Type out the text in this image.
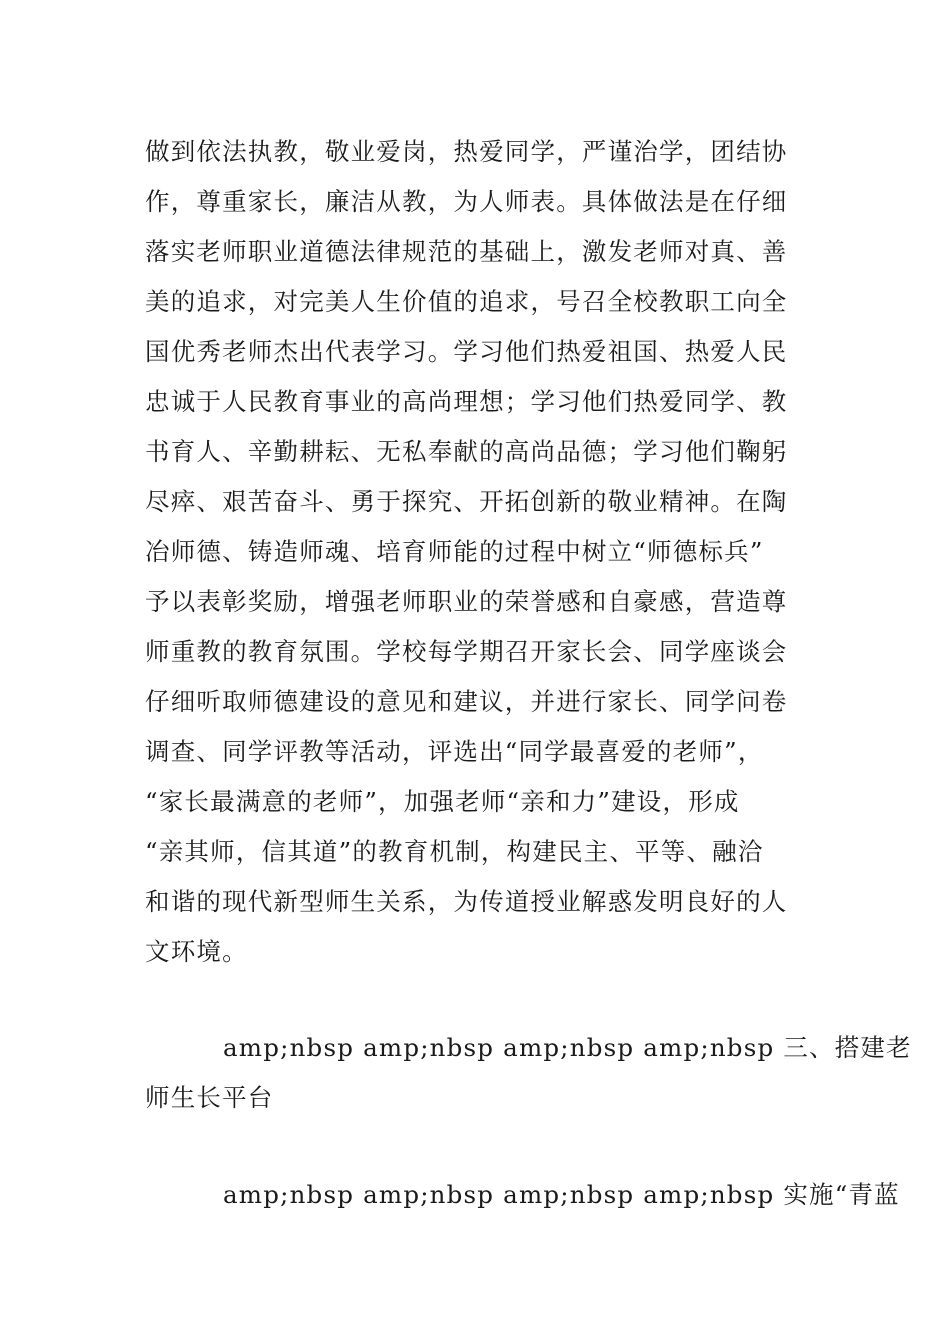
做到依法执教，敬业爱岗，热爱同学，严谨治学，团结协
作，尊重家长，廉洁从教，为人师表。具体做法是在仔细
落实老师职业道德法律规范的基础上，激发老师对真、善
美的追求，对完美人生价值的追求，号召全校教职工向全
国优秀老师杰出代表学习。学习他们热爱祖国、热爱人民
忠诚于人民教育事业的高尚理想；学习他们热爱同学、教
书育人、辛勤耕耘、无私奉献的高尚品德；学习他们鞠躬
尽瘁、艰苦奋斗、勇于探究、开拓创新的敬业精神。在陶
冶师德、铸造师魂、培育师能的过程中树立“师德标兵”
予以表彰奖励，增强老师职业的荣誉感和自豪感，营造尊
师重教的教育氛围。学校每学期召开家长会、同学座谈会
仔细听取师德建设的意见和建议，并进行家长、同学问卷
调查、同学评教等活动，评选出“同学最喜爱的老师”，
“家长最满意的老师”，加强老师“亲和力”建设，形成
“亲其师，信其道”的教育机制，构建民主、平等、融洽
和谐的现代新型师生关系，为传道授业解惑发明良好的人
文环境。
amp;nbsp amp;nbsp amp;nbsp amp;nbsp 三、搭建老
师生长平台
amp;nbsp amp;nbsp amp;nbsp amp;nbsp 实施“青蓝
